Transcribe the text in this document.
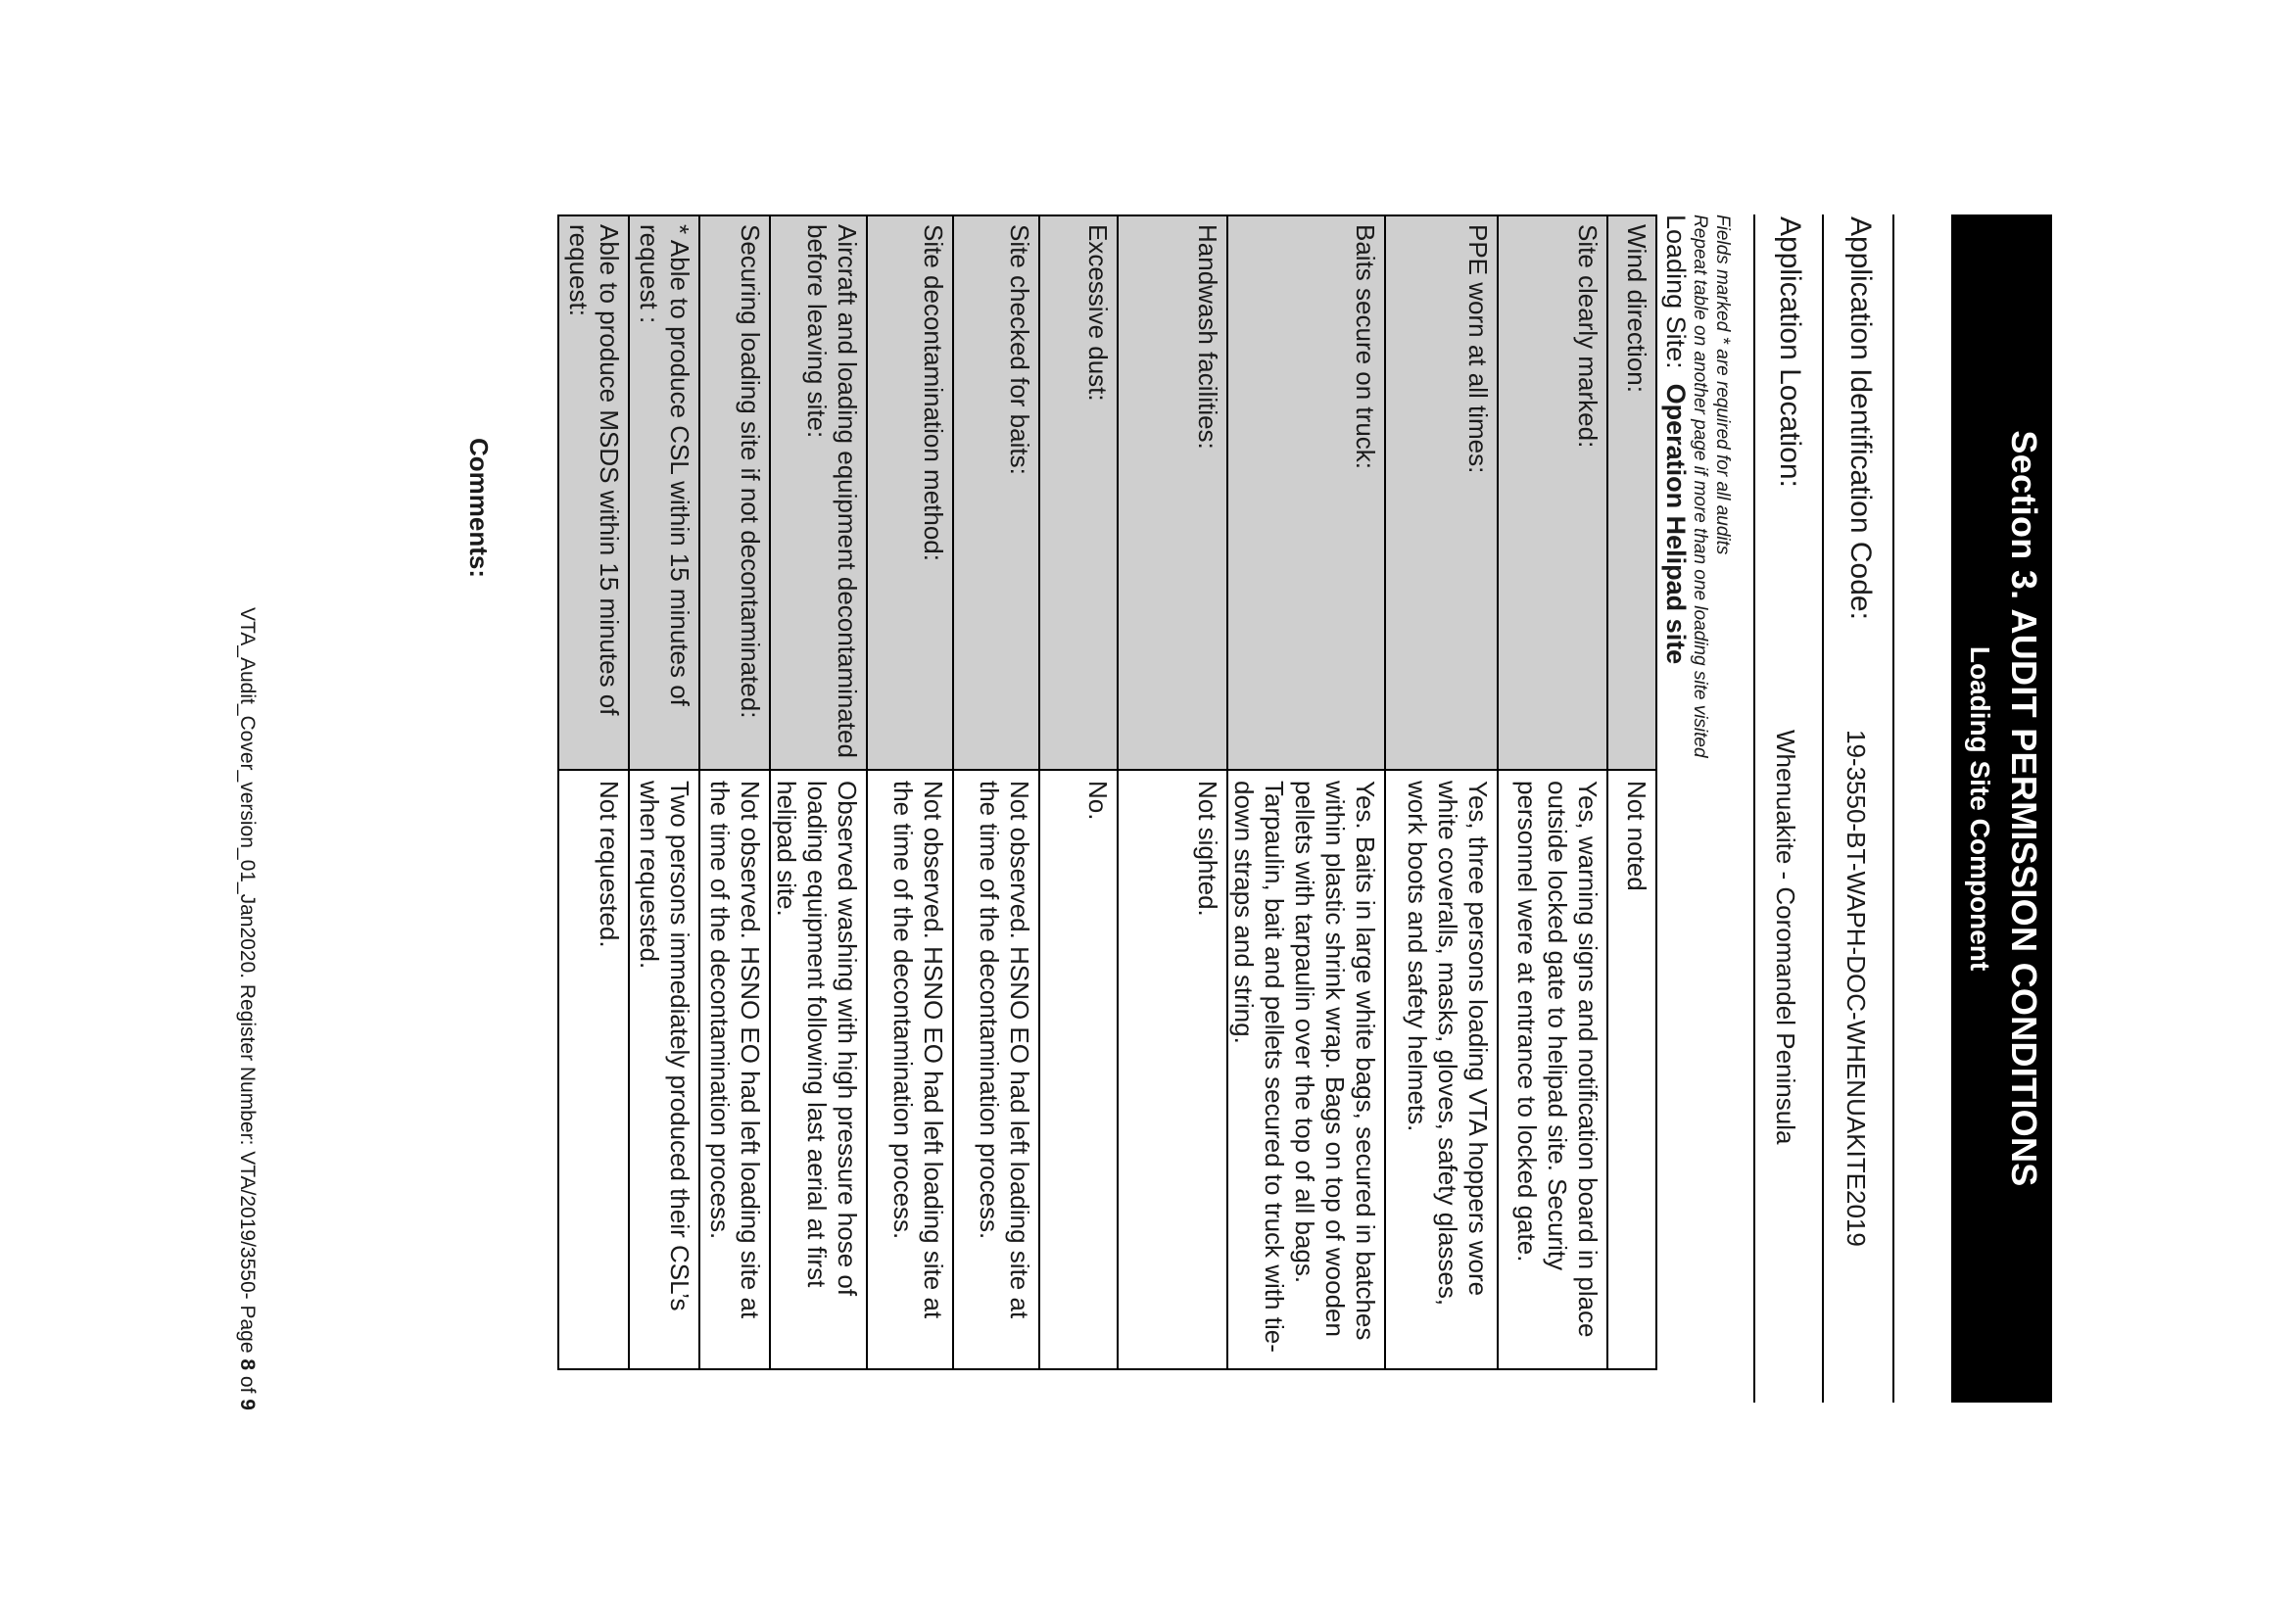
Section 3. AUDIT PERMISSION CONDITIONS
Loading Site Component
Application Identification Code:
19-3550-BT-WAPH-DOC-WHENUAKITE2019
Application Location:
Whenuakite - Coromandel Peninsula
Fields marked * are required for all audits
Repeat table on another page if more than one loading site visited
Loading Site:  Operation Helipad site
Wind direction:	Not noted
Site clearly marked:	Yes, warning signs and notification board in place outside locked gate to helipad site. Security personnel were at entrance to locked gate.
PPE worn at all times:	Yes, three persons loading VTA hoppers wore white coveralls, masks, gloves, safety glasses, work boots and safety helmets.
Baits secure on truck:	Yes. Baits in large white bags, secured in batches within plastic shrink wrap. Bags on top of wooden pellets with tarpaulin over the top of all bags. Tarpaulin, bait and pellets secured to truck with tie-down straps and string.
Handwash facilities:	Not sighted.
Excessive dust:	No.
Site checked for baits:	Not observed. HSNO EO had left loading site at the time of the decontamination process.
Site decontamination method:	Not observed. HSNO EO had left loading site at the time of the decontamination process.
Aircraft and loading equipment decontaminated before leaving site:	Observed washing with high pressure hose of loading equipment following last aerial at first helipad site.
Securing loading site if not decontaminated:	Not observed. HSNO EO had left loading site at the time of the decontamination process.
* Able to produce CSL within 15 minutes of request :	Two persons immediately produced their CSL’s when requested.
Able to produce MSDS within 15 minutes of request:	Not requested.
Comments:
VTA_Audit_Cover_version_01_Jan2020. Register Number: VTA/2019/3550- Page 8 of 9
